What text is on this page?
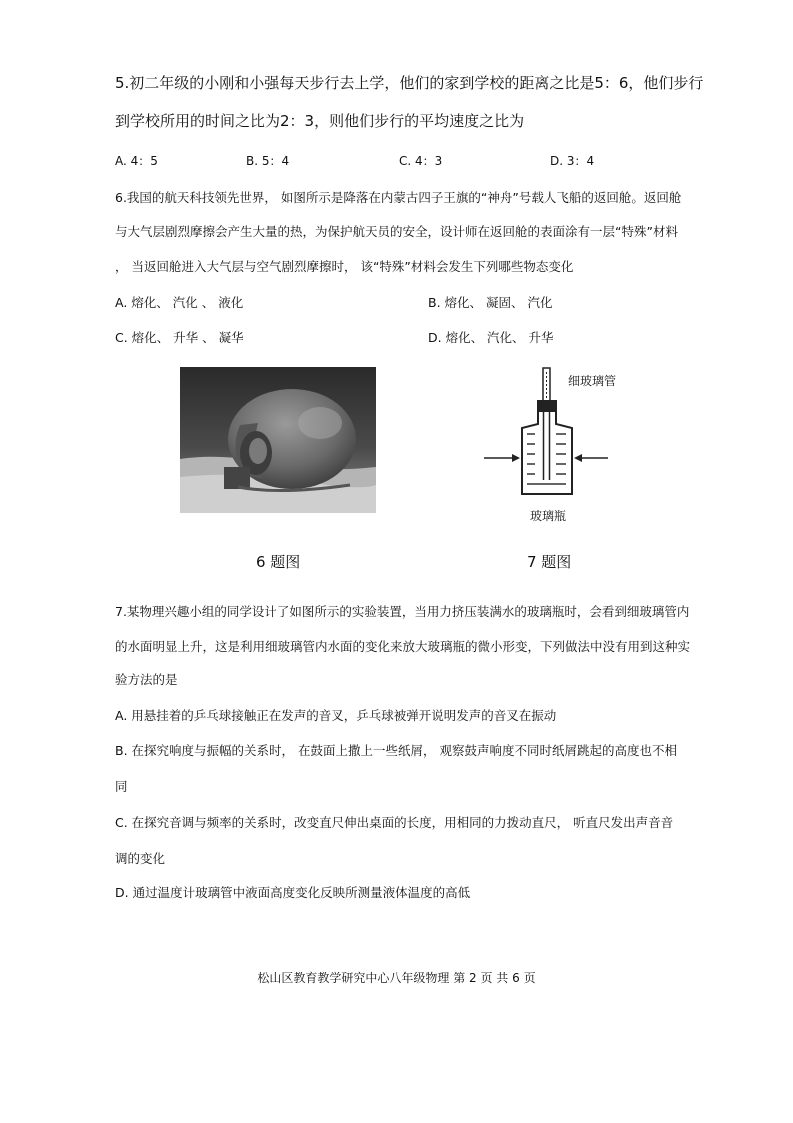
5.初二年级的小刚和小强每天步行去上学，他们的家到学校的距离之比是5：6，他们步行
到学校所用的时间之比为2：3，则他们步行的平均速度之比为
A. 4：5	B. 5：4	C. 4：3	D. 3：4
6.我国的航天科技领先世界， 如图所示是降落在内蒙古四子王旗的“神舟”号载人飞船的返回舱。返回舱
与大气层剧烈摩擦会产生大量的热，为保护航天员的安全，设计师在返回舱的表面涂有一层“特殊”材料
， 当返回舱进入大气层与空气剧烈摩擦时， 该“特殊”材料会发生下列哪些物态变化
A. 熔化、 汽化 、 液化	B. 熔化、 凝固、 汽化
C. 熔化、 升华 、 凝华	D. 熔化、 汽化、 升华
细玻璃管
玻璃瓶
6 题图	7 题图
7.某物理兴趣小组的同学设计了如图所示的实验装置，当用力挤压装满水的玻璃瓶时，会看到细玻璃管内
的水面明显上升，这是利用细玻璃管内水面的变化来放大玻璃瓶的微小形变，下列做法中没有用到这种实
验方法的是
A. 用悬挂着的乒乓球接触正在发声的音叉，乒乓球被弹开说明发声的音叉在振动
B. 在探究响度与振幅的关系时， 在鼓面上撒上一些纸屑， 观察鼓声响度不同时纸屑跳起的高度也不相
同
C. 在探究音调与频率的关系时，改变直尺伸出桌面的长度，用相同的力拨动直尺， 听直尺发出声音音
调的变化
D. 通过温度计玻璃管中液面高度变化反映所测量液体温度的高低
松山区教育教学研究中心八年级物理 第 2 页 共 6 页
